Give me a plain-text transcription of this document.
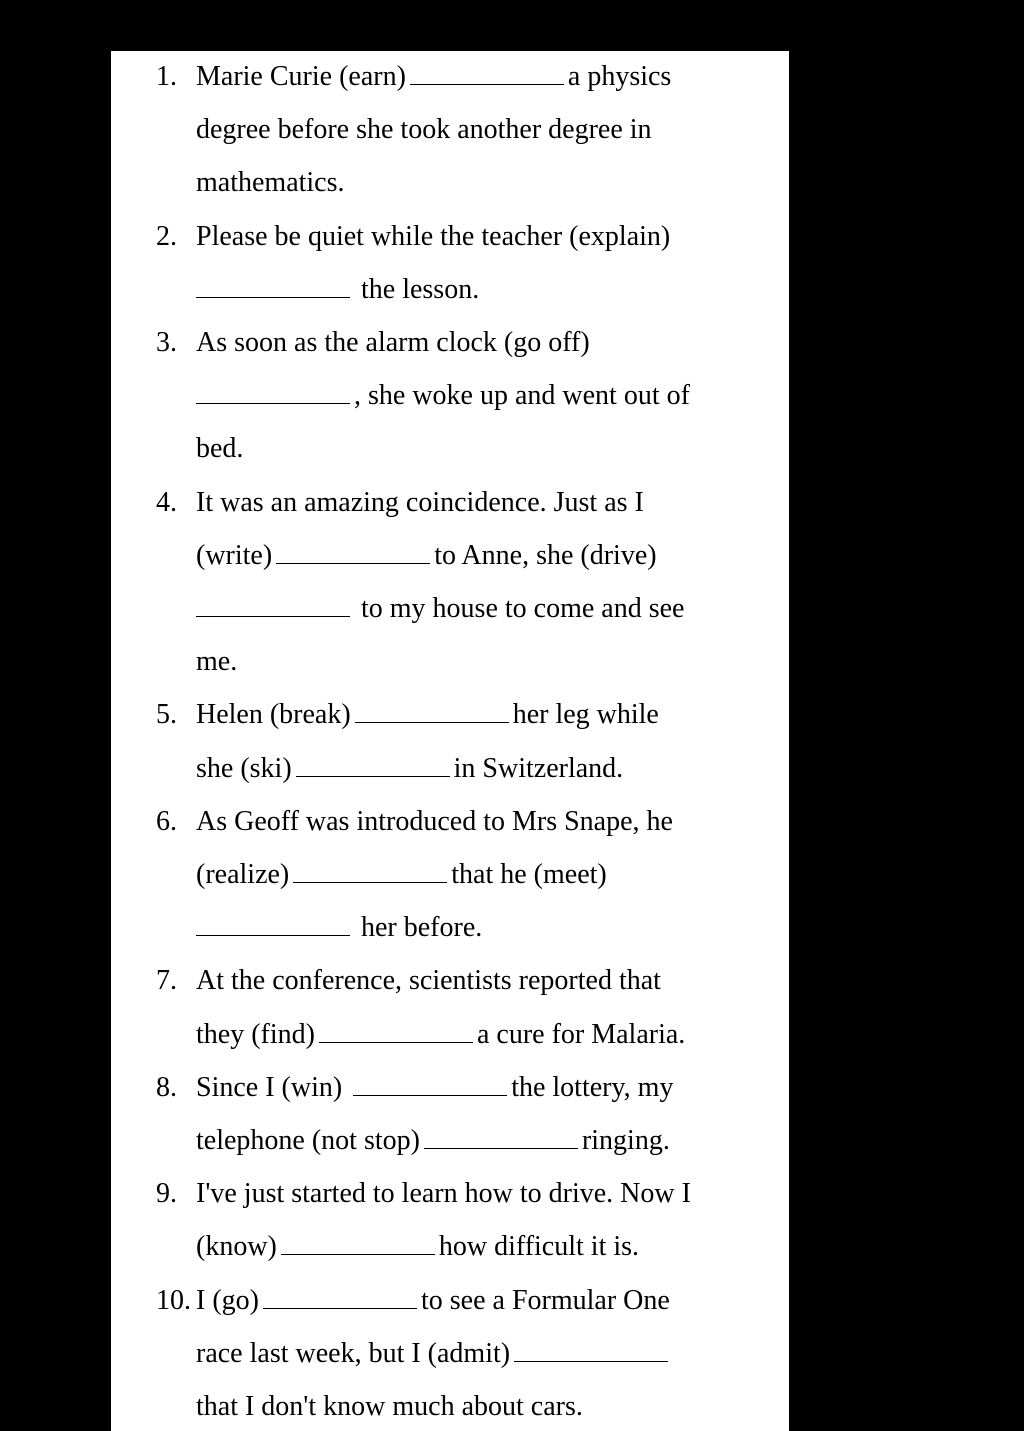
1. Marie Curie (earn)	a physics
degree before she took another degree in
mathematics.
2. Please be quiet while the teacher (explain)
the lesson.
3. As soon as the alarm clock (go off)
, she woke up and went out of
bed.
4. It was an amazing coincidence. Just as I
(write)	to Anne, she (drive)
to my house to come and see
me.
5. Helen (break)	her leg while
she (ski)	in Switzerland.
6. As Geoff was introduced to Mrs Snape, he
(realize)	that he (meet)
her before.
7. At the conference, scientists reported that
they (find)	a cure for Malaria.
8. Since I (win)	the lottery, my
telephone (not stop)	ringing.
9. I've just started to learn how to drive. Now I
(know)	how difficult it is.
10. I (go)	to see a Formular One
race last week, but I (admit)
that I don't know much about cars.
